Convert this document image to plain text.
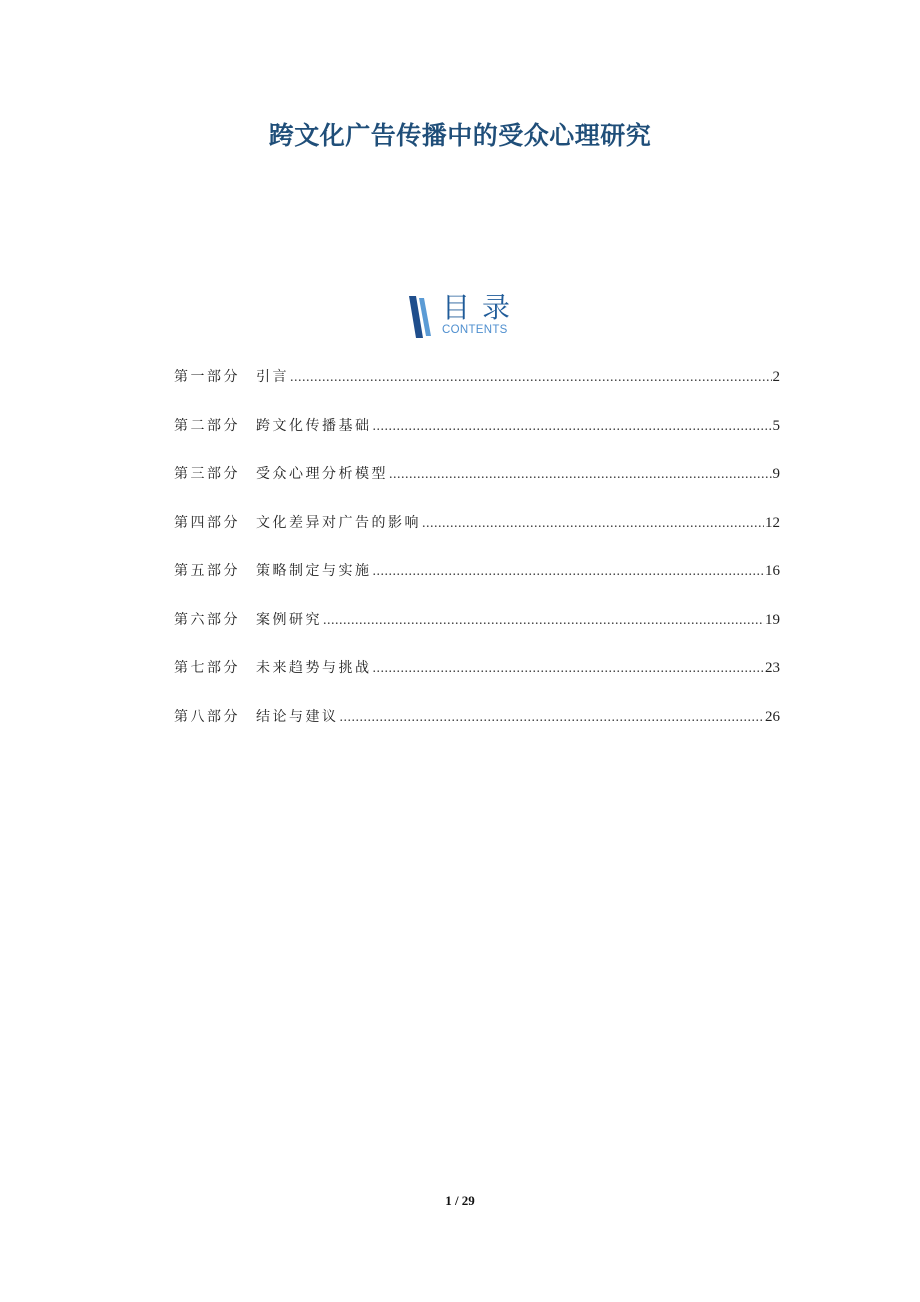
跨文化广告传播中的受众心理研究
目录
CONTENTS
第一部分	引言 .....	2
第二部分	跨文化传播基础 .....	5
第三部分	受众心理分析模型 .....	9
第四部分	文化差异对广告的影响 .....	12
第五部分	策略制定与实施 .....	16
第六部分	案例研究 .....	19
第七部分	未来趋势与挑战 .....	23
第八部分	结论与建议 .....	26
1 / 29
